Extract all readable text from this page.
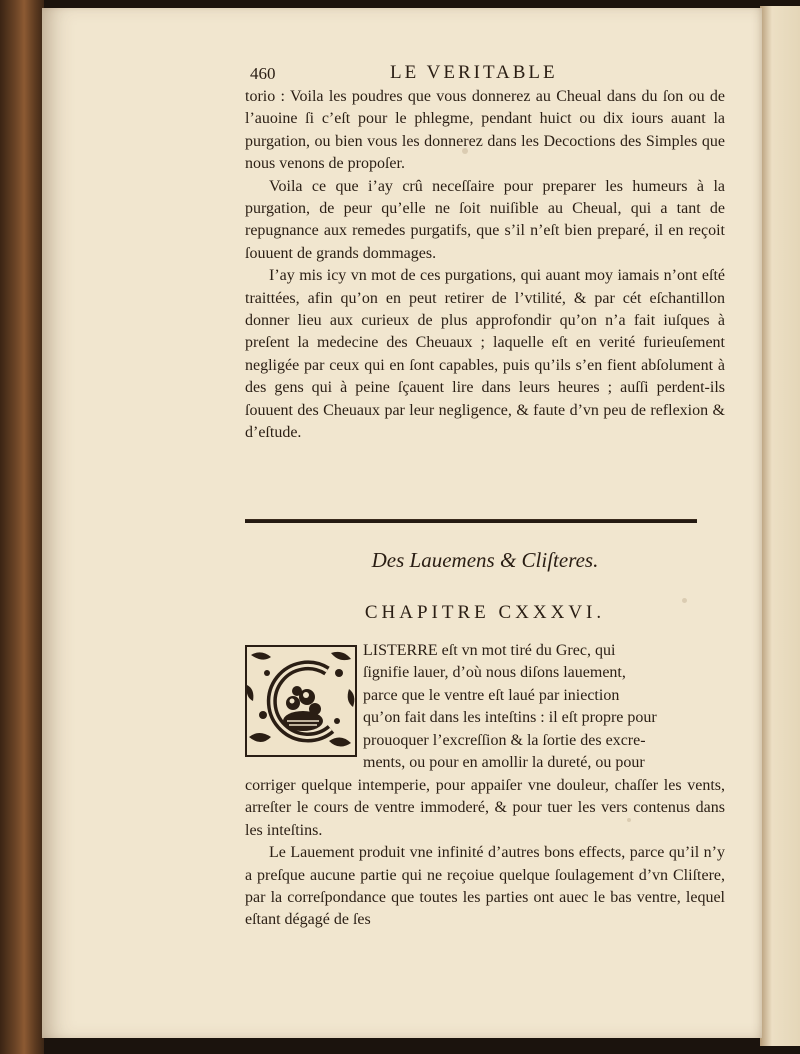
460	LE VERITABLE

torio : Voila les poudres que vous donnerez au Cheual dans du ſon ou de l’auoine ſi c’eſt pour le phlegme, pendant huict ou dix iours auant la purgation, ou bien vous les donnerez dans les Decoctions des Simples que nous venons de propoſer.

Voila ce que i’ay crû neceſſaire pour preparer les humeurs à la purgation, de peur qu’elle ne ſoit nuiſible au Cheual, qui a tant de repugnance aux remedes purgatifs, que s’il n’eſt bien preparé, il en reçoit ſouuent de grands dommages.

I’ay mis icy vn mot de ces purgations, qui auant moy iamais n’ont eſté traittées, afin qu’on en peut retirer de l’vtilité, & par cét eſchantillon donner lieu aux curieux de plus approfondir qu’on n’a fait iuſques à preſent la medecine des Cheuaux ; laquelle eſt en verité furieuſement negligée par ceux qui en ſont capables, puis qu’ils s’en fient abſolument à des gens qui à peine ſçauent lire dans leurs heures ; auſſi perdent-ils ſouuent des Cheuaux par leur negligence, & faute d’vn peu de reflexion & d’eſtude.

Des Lauemens & Cliſteres.
CHAPITRE CXXXVI.
LISTERRE eſt vn mot tiré du Grec, qui
ſignifie lauer, d’où nous diſons lauement,
parce que le ventre eſt laué par iniection
qu’on fait dans les inteſtins : il eſt propre pour
prouoquer l’excreſſion & la ſortie des excre-
ments, ou pour en amollir la dureté, ou pour

corriger quelque intemperie, pour appaiſer vne douleur, chaſſer les vents, arreſter le cours de ventre immoderé, & pour tuer les vers contenus dans les inteſtins.

Le Lauement produit vne infinité d’autres bons effects, parce qu’il n’y a preſque aucune partie qui ne reçoiue quelque ſoulagement d’vn Cliſtere, par la correſpondance que toutes les parties ont auec le bas ventre, lequel eſtant dégagé de ſes
